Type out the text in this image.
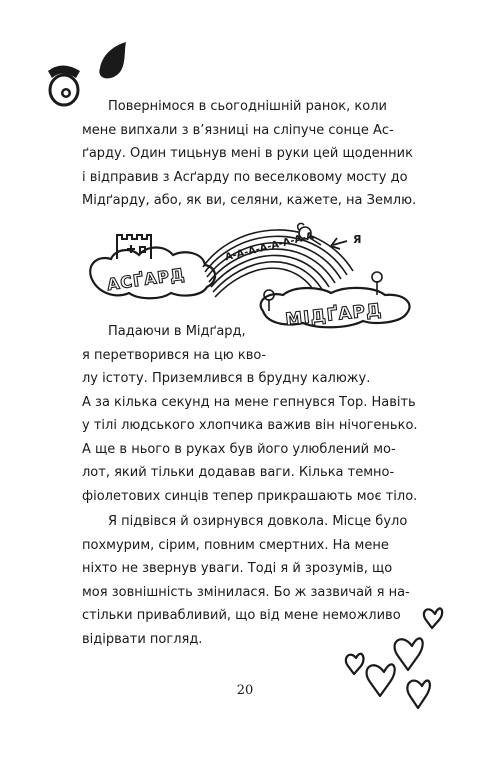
Повернімося в сьогоднішній ранок, коли
мене випхали з в’язниці на сліпуче сонце Ас-
ґарду. Один тицьнув мені в руки цей щоденник
і відправив з Асґарду по веселковому мосту до
Мідґарду, або, як ви, селяни, кажете, на Землю.

АСҐАРД
А-А-А-А-А-А-А-А	Я
МІДҐАРД

Падаючи в Мідґард,
я перетворився на цю кво-
лу істоту. Приземлився в брудну калюжу.
А за кілька секунд на мене гепнувся Тор. Навіть
у тілі людського хлопчика важив він нічогенько.
А ще в нього в руках був його улюблений мо-
лот, який тільки додавав ваги. Кілька темно-
фіолетових синців тепер прикрашають моє тіло.

Я підвівся й озирнувся довкола. Місце було
похмурим, сірим, повним смертних. На мене
ніхто не звернув уваги. Тоді я й зрозумів, що
моя зовнішність змінилася. Бо ж зазвичай я на-
стільки привабливий, що від мене неможливо
відірвати погляд.

20
